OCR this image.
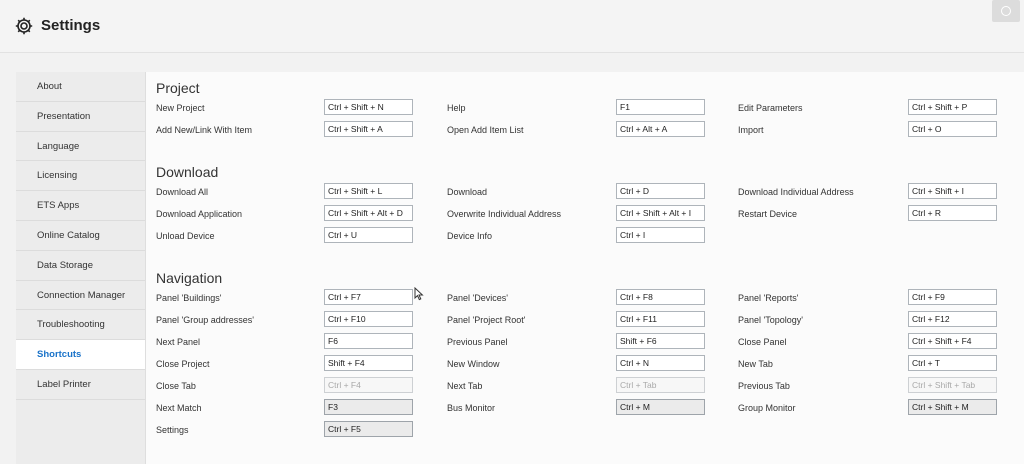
Settings
About
Presentation
Language
Licensing
ETS Apps
Online Catalog
Data Storage
Connection Manager
Troubleshooting
Shortcuts
Label Printer
Project
New Project	Ctrl + Shift + N	Help	F1	Edit Parameters	Ctrl + Shift + P
Add New/Link With Item	Ctrl + Shift + A	Open Add Item List	Ctrl + Alt + A	Import	Ctrl + O
Download
Download All	Ctrl + Shift + L	Download	Ctrl + D	Download Individual Address	Ctrl + Shift + I
Download Application	Ctrl + Shift + Alt + D	Overwrite Individual Address	Ctrl + Shift + Alt + I	Restart Device	Ctrl + R
Unload Device	Ctrl + U	Device Info	Ctrl + I
Navigation
Panel 'Buildings'	Ctrl + F7	Panel 'Devices'	Ctrl + F8	Panel 'Reports'	Ctrl + F9
Panel 'Group addresses'	Ctrl + F10	Panel 'Project Root'	Ctrl + F11	Panel 'Topology'	Ctrl + F12
Next Panel	F6	Previous Panel	Shift + F6	Close Panel	Ctrl + Shift + F4
Close Project	Shift + F4	New Window	Ctrl + N	New Tab	Ctrl + T
Close Tab	Ctrl + F4	Next Tab	Ctrl + Tab	Previous Tab	Ctrl + Shift + Tab
Next Match	F3	Bus Monitor	Ctrl + M	Group Monitor	Ctrl + Shift + M
Settings	Ctrl + F5
